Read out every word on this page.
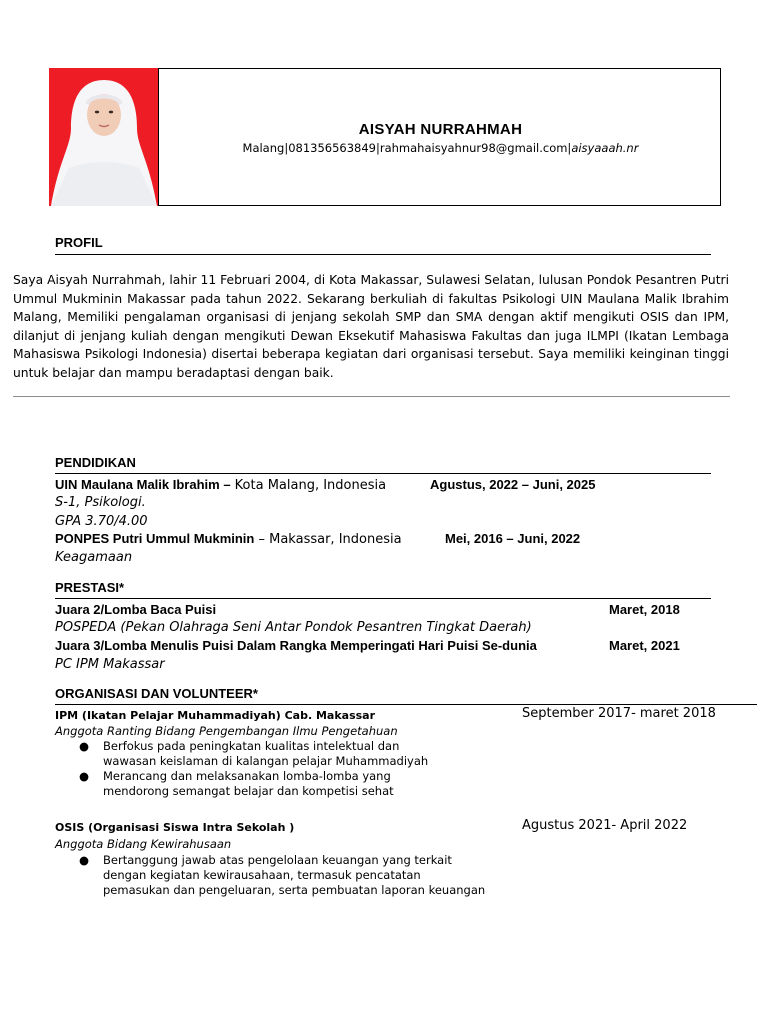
AISYAH NURRAHMAH
Malang|081356563849|rahmahaisyahnur98@gmail.com|aisyaaah.nr
PROFIL
Saya Aisyah Nurrahmah, lahir 11 Februari 2004, di Kota Makassar, Sulawesi Selatan, lulusan Pondok Pesantren Putri Ummul Mukminin Makassar pada tahun 2022. Sekarang berkuliah di fakultas Psikologi UIN Maulana Malik Ibrahim Malang, Memiliki pengalaman organisasi di jenjang sekolah SMP dan SMA dengan aktif mengikuti OSIS dan IPM, dilanjut di jenjang kuliah dengan mengikuti Dewan Eksekutif Mahasiswa Fakultas dan juga ILMPI (Ikatan Lembaga Mahasiswa Psikologi Indonesia) disertai beberapa kegiatan dari organisasi tersebut. Saya memiliki keinginan tinggi untuk belajar dan mampu beradaptasi dengan baik.
PENDIDIKAN
UIN Maulana Malik Ibrahim – Kota Malang, Indonesia	Agustus, 2022 – Juni, 2025
S-1, Psikologi.
GPA 3.70/4.00
PONPES Putri Ummul Mukminin – Makassar, Indonesia	Mei, 2016 – Juni, 2022
Keagamaan
PRESTASI*
Juara 2/Lomba Baca Puisi	Maret, 2018
POSPEDA (Pekan Olahraga Seni Antar Pondok Pesantren Tingkat Daerah)
Juara 3/Lomba Menulis Puisi Dalam Rangka Memperingati Hari Puisi Se-dunia	Maret, 2021
PC IPM Makassar
ORGANISASI DAN VOLUNTEER*
IPM (Ikatan Pelajar Muhammadiyah) Cab. Makassar	September 2017- maret 2018
Anggota Ranting Bidang Pengembangan Ilmu Pengetahuan
● Berfokus pada peningkatan kualitas intelektual dan wawasan keislaman di kalangan pelajar Muhammadiyah
● Merancang dan melaksanakan lomba-lomba yang mendorong semangat belajar dan kompetisi sehat
OSIS (Organisasi Siswa Intra Sekolah )	Agustus 2021- April 2022
Anggota Bidang Kewirahusaan
● Bertanggung jawab atas pengelolaan keuangan yang terkait dengan kegiatan kewirausahaan, termasuk pencatatan pemasukan dan pengeluaran, serta pembuatan laporan keuangan
